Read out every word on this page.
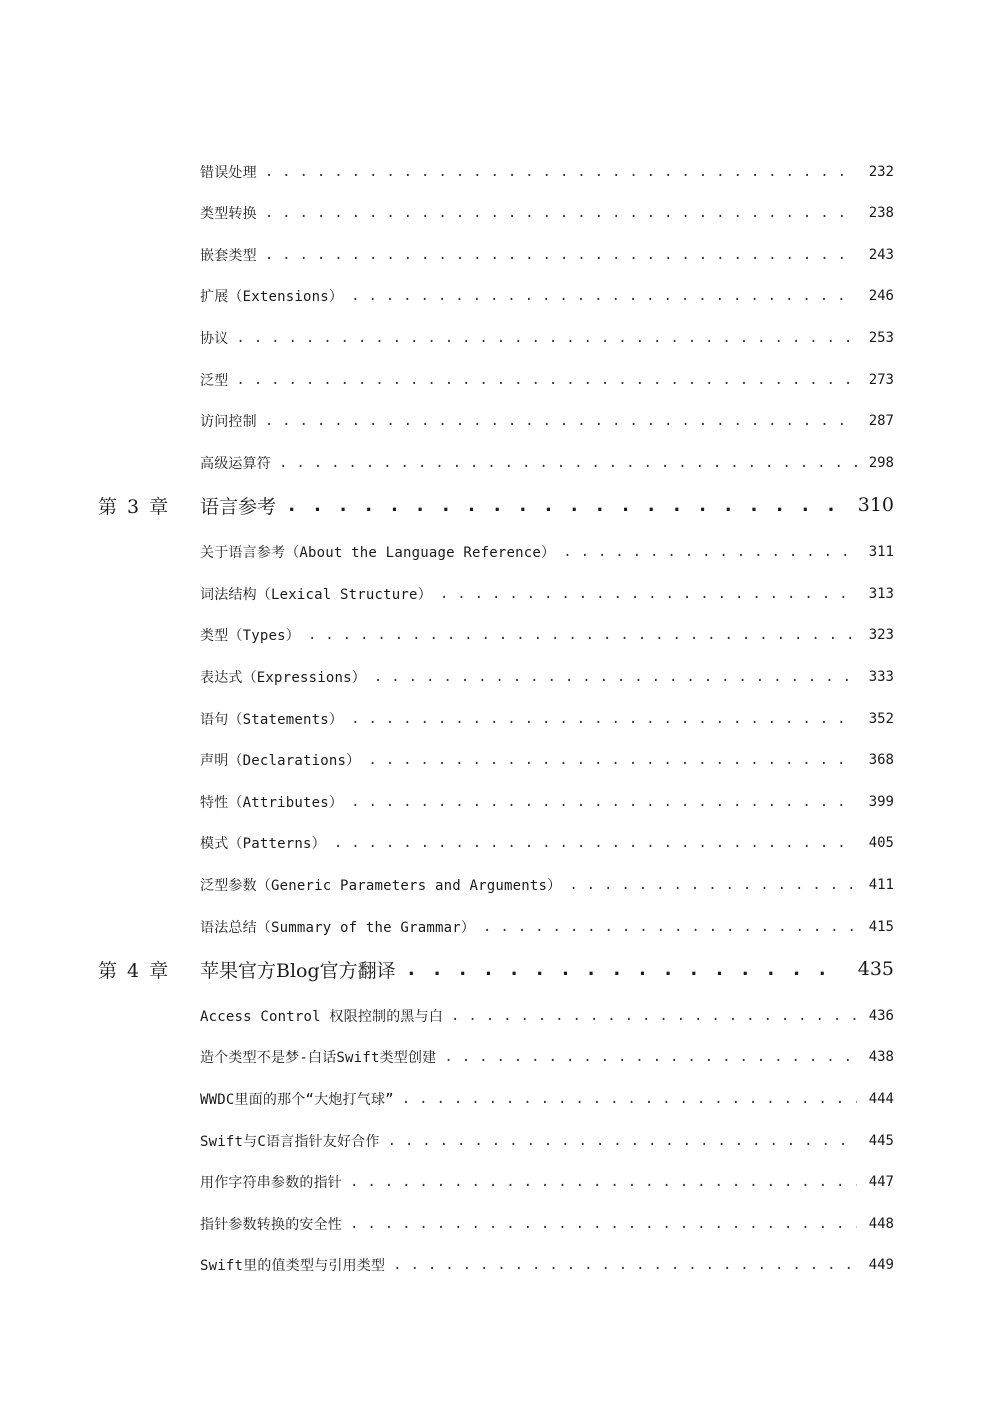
错误处理 . . .	232
类型转换 . . .	238
嵌套类型 . . .	243
扩展（Extensions） . . .	246
协议 . . .	253
泛型 . . .	273
访问控制 . . .	287
高级运算符 . . .	298
第 3 章	语言参考 . . .	310
关于语言参考（About the Language Reference） . . .	311
词法结构（Lexical Structure） . . .	313
类型（Types） . . .	323
表达式（Expressions） . . .	333
语句（Statements） . . .	352
声明（Declarations） . . .	368
特性（Attributes） . . .	399
模式（Patterns） . . .	405
泛型参数（Generic Parameters and Arguments） . . .	411
语法总结（Summary of the Grammar） . . .	415
第 4 章	苹果官方Blog官方翻译 . . .	435
Access Control 权限控制的黑与白 . . .	436
造个类型不是梦-白话Swift类型创建 . . .	438
WWDC里面的那个“大炮打气球” . . .	444
Swift与C语言指针友好合作 . . .	445
用作字符串参数的指针 . . .	447
指针参数转换的安全性 . . .	448
Swift里的值类型与引用类型 . . .	449
